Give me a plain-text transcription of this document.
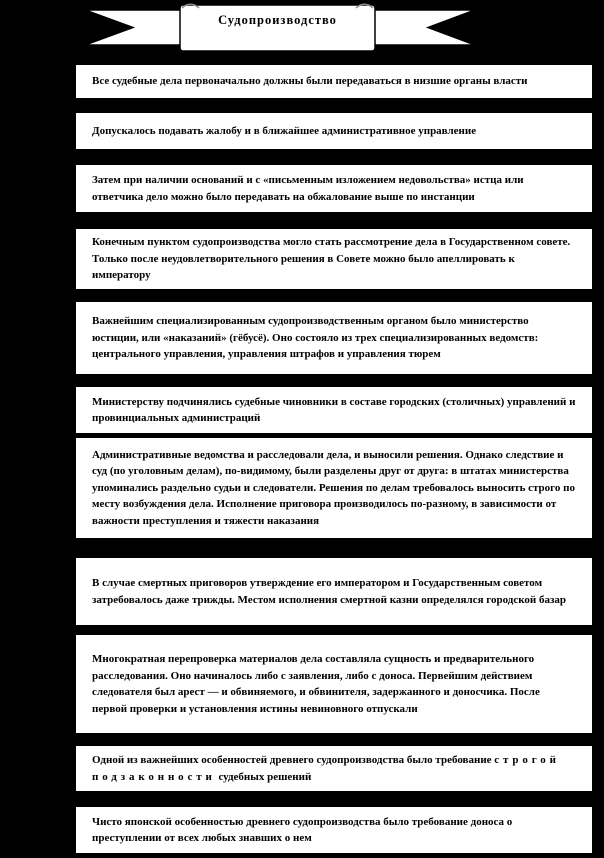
Судопроизводство
Все судебные дела первоначально должны были передаваться в низшие органы власти
Допускалось подавать жалобу и в ближайшее административное управление
Затем при наличии оснований и с «письменным изложением недовольства» истца или ответчика дело можно было передавать на обжалование выше по инстанции
Конечным пунктом судопроизводства могло стать рассмотрение дела в Государственном совете. Только после неудовлетворительного решения в Совете можно было апеллировать к императору
Важнейшим специализированным судопроизводственным органом было министерство юстиции, или «наказаний» (гёбусё). Оно состояло из трех специализированных ведомств: центрального управления, управления штрафов и управления тюрем
Министерству подчинялись судебные чиновники в составе городских (столичных) управлений и провинциальных администраций
Административные ведомства и расследовали дела, и выносили решения. Однако следствие и суд (по уголовным делам), по-видимому, были разделены друг от друга: в штатах министерства упоминались раздельно судьи и следователи. Решения по делам требовалось выносить строго по месту возбуждения дела. Исполнение приговора производилось по-разному, в зависимости от важности преступления и тяжести наказания
В случае смертных приговоров утверждение его императором и Государственным советом затребовалось даже трижды. Местом исполнения смертной казни определялся городской базар
Многократная перепроверка материалов дела составляла сущность и предварительного расследования. Оно начиналось либо с заявления, либо с доноса. Первейшим действием следователя был арест — и обвиняемого, и обвинителя, задержанного и доносчика. После первой проверки и установления истины невиновного отпускали
Одной из важнейших особенностей древнего судопроизводства было требование строгой подзаконности судебных решений
Чисто японской особенностью древнего судопроизводства было требование доноса о преступлении от всех любых знавших о нем
